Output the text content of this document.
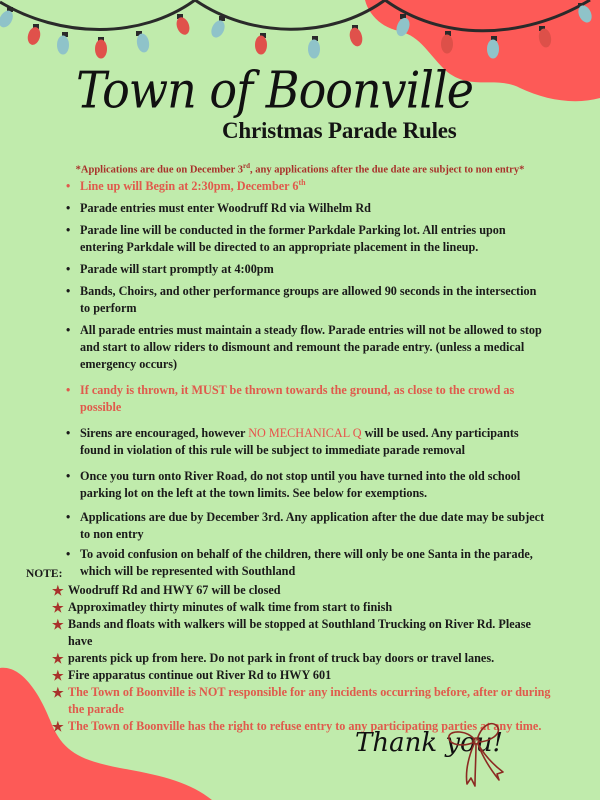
Town of Boonville
Christmas Parade Rules
*Applications are due on December 3rd, any applications after the due date are subject to non entry*
• Line up will Begin at 2:30pm, December 6th
• Parade entries must enter Woodruff Rd via Wilhelm Rd
• Parade line will be conducted in the former Parkdale Parking lot. All entries upon entering Parkdale will be directed to an appropriate placement in the lineup.
• Parade will start promptly at 4:00pm
• Bands, Choirs, and other performance groups are allowed 90 seconds in the intersection to perform
• All parade entries must maintain a steady flow. Parade entries will not be allowed to stop and start to allow riders to dismount and remount the parade entry. (unless a medical emergency occurs)
• If candy is thrown, it MUST be thrown towards the ground, as close to the crowd as possible
• Sirens are encouraged, however NO MECHANICAL Q will be used. Any participants found in violation of this rule will be subject to immediate parade removal
• Once you turn onto River Road, do not stop until you have turned into the old school parking lot on the left at the town limits. See below for exemptions.
• Applications are due by December 3rd. Any application after the due date may be subject to non entry
• To avoid confusion on behalf of the children, there will only be one Santa in the parade, which will be represented with Southland
NOTE:
★ Woodruff Rd and HWY 67 will be closed
★ Approximatley thirty minutes of walk time from start to finish
★ Bands and floats with walkers will be stopped at Southland Trucking on River Rd. Please have
★ parents pick up from here. Do not park in front of truck bay doors or travel lanes.
★ Fire apparatus continue out River Rd to HWY 601
★ The Town of Boonville is NOT responsible for any incidents occurring before, after or during the parade
★ The Town of Boonville has the right to refuse entry to any participating parties at any time.
Thank you!
